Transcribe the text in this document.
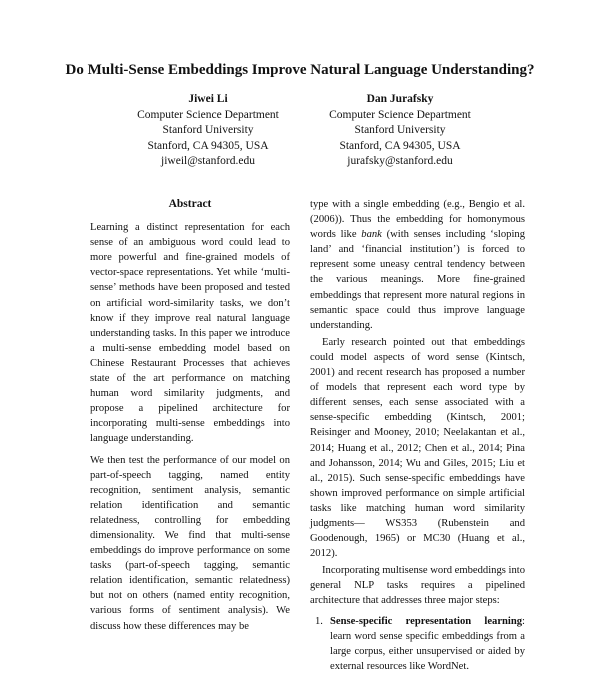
Do Multi-Sense Embeddings Improve Natural Language Understanding?
Jiwei Li
Computer Science Department
Stanford University
Stanford, CA 94305, USA
jiweil@stanford.edu
Dan Jurafsky
Computer Science Department
Stanford University
Stanford, CA 94305, USA
jurafsky@stanford.edu
Abstract

Learning a distinct representation for each sense of an ambiguous word could lead to more powerful and fine-grained models of vector-space representations. Yet while ‘multi-sense’ methods have been proposed and tested on artificial word-similarity tasks, we don’t know if they improve real natural language understanding tasks. In this paper we introduce a multi-sense embedding model based on Chinese Restaurant Processes that achieves state of the art performance on matching human word similarity judgments, and propose a pipelined architecture for incorporating multi-sense embeddings into language understanding.

We then test the performance of our model on part-of-speech tagging, named entity recognition, sentiment analysis, semantic relation identification and semantic relatedness, controlling for embedding dimensionality. We find that multi-sense embeddings do improve performance on some tasks (part-of-speech tagging, semantic relation identification, semantic relatedness) but not on others (named entity recognition, various forms of sentiment analysis). We discuss how these differences may be

type with a single embedding (e.g., Bengio et al. (2006)). Thus the embedding for homonymous words like bank (with senses including ‘sloping land’ and ‘financial institution’) is forced to represent some uneasy central tendency between the various meanings. More fine-grained embeddings that represent more natural regions in semantic space could thus improve language understanding.

Early research pointed out that embeddings could model aspects of word sense (Kintsch, 2001) and recent research has proposed a number of models that represent each word type by different senses, each sense associated with a sense-specific embedding (Kintsch, 2001; Reisinger and Mooney, 2010; Neelakantan et al., 2014; Huang et al., 2012; Chen et al., 2014; Pina and Johansson, 2014; Wu and Giles, 2015; Liu et al., 2015). Such sense-specific embeddings have shown improved performance on simple artificial tasks like matching human word similarity judgments— WS353 (Rubenstein and Goodenough, 1965) or MC30 (Huang et al., 2012).

Incorporating multisense word embeddings into general NLP tasks requires a pipelined architecture that addresses three major steps:

1. Sense-specific representation learning: learn word sense specific embeddings from a large corpus, either unsupervised or aided by external resources like WordNet.
